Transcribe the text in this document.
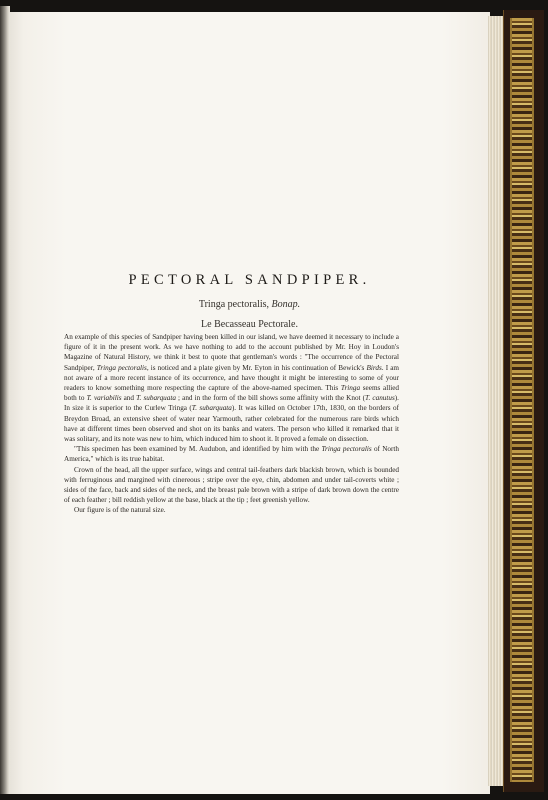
PECTORAL SANDPIPER.
Tringa pectoralis, Bonap.
Le Becasseau Pectorale.

An example of this species of Sandpiper having been killed in our island, we have deemed it necessary to include a figure of it in the present work. As we have nothing to add to the account published by Mr. Hoy in Loudon's Magazine of Natural History, we think it best to quote that gentleman's words : "The occurrence of the Pectoral Sandpiper, Tringa pectoralis, is noticed and a plate given by Mr. Eyton in his continuation of Bewick's Birds. I am not aware of a more recent instance of its occurrence, and have thought it might be interesting to some of your readers to know something more respecting the capture of the above-named specimen. This Tringa seems allied both to T. variabilis and T. subarquata ; and in the form of the bill shows some affinity with the Knot (T. canutus). In size it is superior to the Curlew Tringa (T. subarquata). It was killed on October 17th, 1830, on the borders of Breydon Broad, an extensive sheet of water near Yarmouth, rather celebrated for the numerous rare birds which have at different times been observed and shot on its banks and waters. The person who killed it remarked that it was solitary, and its note was new to him, which induced him to shoot it. It proved a female on dissection.

"This specimen has been examined by M. Audubon, and identified by him with the Tringa pectoralis of North America," which is its true habitat.

Crown of the head, all the upper surface, wings and central tail-feathers dark blackish brown, which is bounded with ferruginous and margined with cinereous ; stripe over the eye, chin, abdomen and under tail-coverts white ; sides of the face, back and sides of the neck, and the breast pale brown with a stripe of dark brown down the centre of each feather ; bill reddish yellow at the base, black at the tip ; feet greenish yellow.

Our figure is of the natural size.
